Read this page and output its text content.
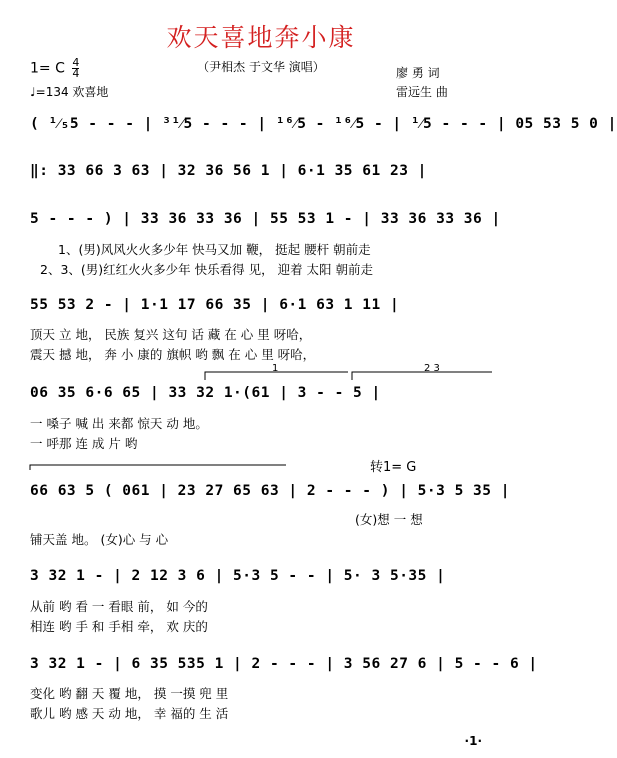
欢天喜地奔小康
（尹相杰 于文华 演唱）
1= C $\frac{4}{4}$
♩=134 欢喜地
廖 勇 词
雷远生 曲
( ¹⁄₅5 - - - | ³¹⁄5 - - - | ¹⁶⁄5 - ¹⁶⁄5 - | ¹⁄5 - - - | 05 53 5 0 |
‖: 33 66 3 63 | 32 36 56 1 | 6·1 35 61 23 |
5 - - - ) | 33 36 33 36 | 55 53 1 - | 33 36 33 36 |
1、(男)风风火火多少年 快马又加 鞭， 挺起 腰杆 朝前走
2、3、(男)红红火火多少年 快乐看得 见， 迎着 太阳 朝前走
55 53 2 - | 1·1 17 66 35 | 6·1 63 1 11 |
顶天 立 地， 民族 复兴 这句 话 藏 在 心 里 呀哈，
震天 撼 地， 奔 小 康的 旗帜 哟 飘 在 心 里 呀哈，
06 35 6·6 65 | 33 32 1·(61 | 3 - - 5 |
一 嗓子 喊 出 来都 惊天 动 地。
一 呼那 连 成 片 哟
转1= G
66 63 5 ( 061 | 23 27 65 63 | 2 - - - ) | 5·3 5 35 |
(女)想 一 想
铺天盖 地。 (女)心 与 心
3 32 1 - | 2 12 3 6 | 5·3 5 - - | 5· 3 5·35 |
从前 哟 看 一 看眼 前， 如 今的
相连 哟 手 和 手相 牵， 欢 庆的
3 32 1 - | 6 35 535 1 | 2 - - - | 3 56 27 6 | 5 - - 6 |
变化 哟 翻 天 覆 地， 摸 一摸 兜 里
歌儿 哟 感 天 动 地， 幸 福的 生 活
1	2 3
·1·
